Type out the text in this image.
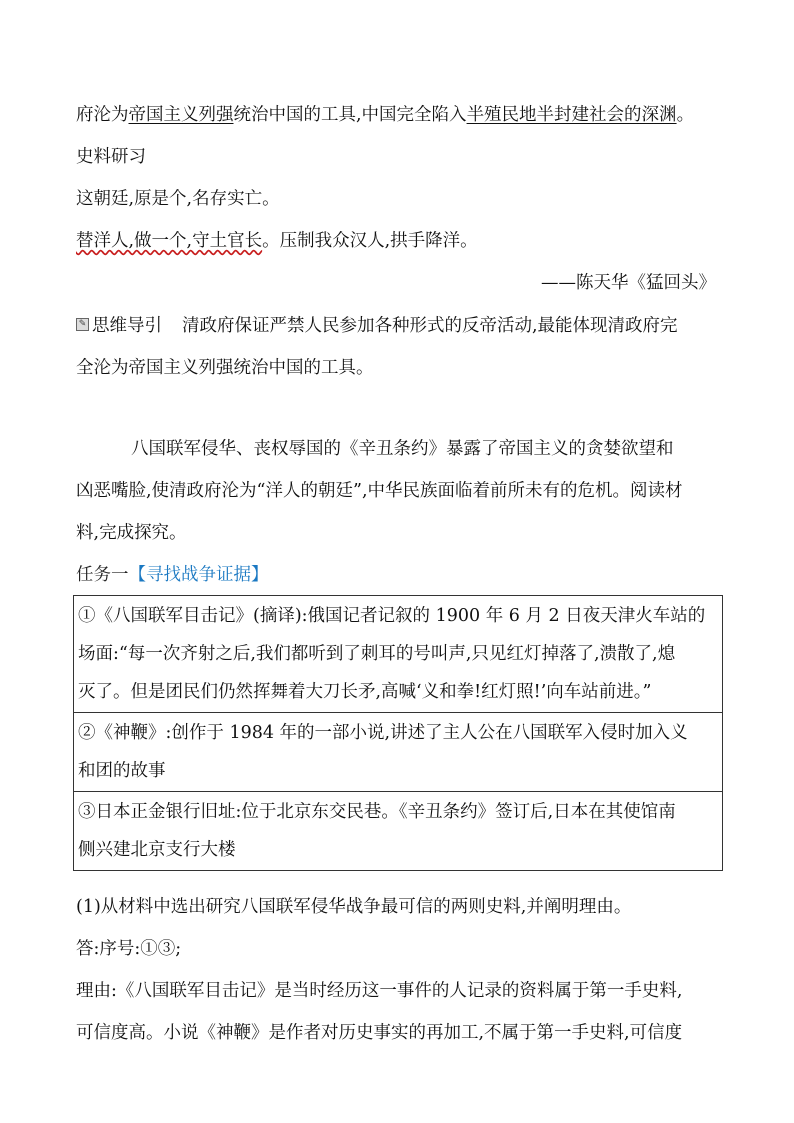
府沦为帝国主义列强统治中国的工具,中国完全陷入半殖民地半封建社会的深渊。
史料研习
这朝廷,原是个,名存实亡。
替洋人,做一个,守土官长。压制我众汉人,拱手降洋。
——陈天华《猛回头》
✎ 思维导引 清政府保证严禁人民参加各种形式的反帝活动,最能体现清政府完
全沦为帝国主义列强统治中国的工具。
八国联军侵华、丧权辱国的《辛丑条约》暴露了帝国主义的贪婪欲望和
凶恶嘴脸,使清政府沦为“洋人的朝廷”,中华民族面临着前所未有的危机。阅读材
料,完成探究。
任务一【寻找战争证据】
①《八国联军目击记》(摘译):俄国记者记叙的 1900 年 6 月 2 日夜天津火车站的
场面:“每一次齐射之后,我们都听到了刺耳的号叫声,只见红灯掉落了,溃散了,熄
灭了。但是团民们仍然挥舞着大刀长矛,高喊‘义和拳!红灯照!’向车站前进。”
②《神鞭》:创作于 1984 年的一部小说,讲述了主人公在八国联军入侵时加入义
和团的故事
③日本正金银行旧址:位于北京东交民巷。《辛丑条约》签订后,日本在其使馆南
侧兴建北京支行大楼
(1)从材料中选出研究八国联军侵华战争最可信的两则史料,并阐明理由。
答:序号:①③;
理由:《八国联军目击记》是当时经历这一事件的人记录的资料属于第一手史料,
可信度高。小说《神鞭》是作者对历史事实的再加工,不属于第一手史料,可信度
